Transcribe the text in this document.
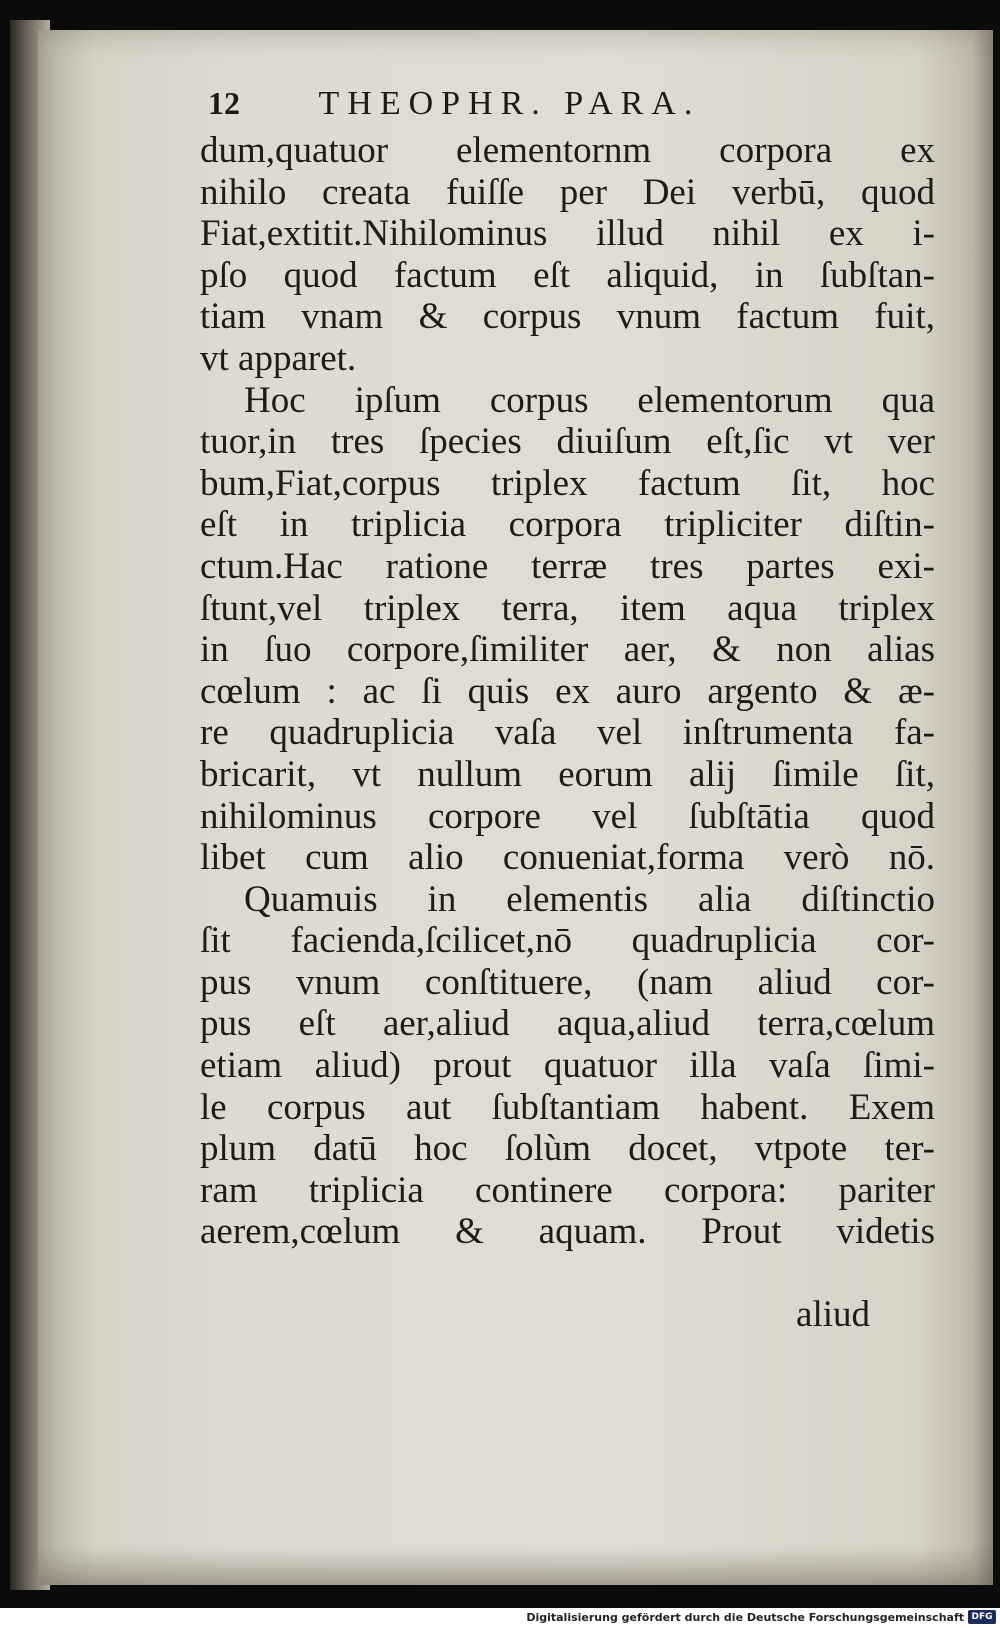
12 THEOPHR. PARA.
dum,quatuor elementornm corpora ex
nihilo creata fuiſſe per Dei verbū, quod
Fiat,extitit.Nihilominus illud nihil ex i-
pſo quod factum eſt aliquid, in ſubſtan-
tiam vnam & corpus vnum factum fuit,
vt apparet.
Hoc ipſum corpus elementorum qua
tuor,in tres ſpecies diuiſum eſt,ſic vt ver
bum,Fiat,corpus triplex factum ſit, hoc
eſt in triplicia corpora tripliciter diſtin-
ctum.Hac ratione terræ tres partes exi-
ſtunt,vel triplex terra, item aqua triplex
in ſuo corpore,ſimiliter aer, & non alias
cœlum : ac ſi quis ex auro argento & æ-
re quadruplicia vaſa vel inſtrumenta fa-
bricarit, vt nullum eorum alij ſimile ſit,
nihilominus corpore vel ſubſtātia quod
libet cum alio conueniat,forma verò nō.
Quamuis in elementis alia diſtinctio
ſit facienda,ſcilicet,nō quadruplicia cor-
pus vnum conſtituere, (nam aliud cor-
pus eſt aer,aliud aqua,aliud terra,cœlum
etiam aliud) prout quatuor illa vaſa ſimi-
le corpus aut ſubſtantiam habent. Exem
plum datū hoc ſolùm docet, vtpote ter-
ram triplicia continere corpora: pariter
aerem,cœlum & aquam. Prout videtis
aliud
Digitalisierung gefördert durch die Deutsche Forschungsgemeinschaft DFG
